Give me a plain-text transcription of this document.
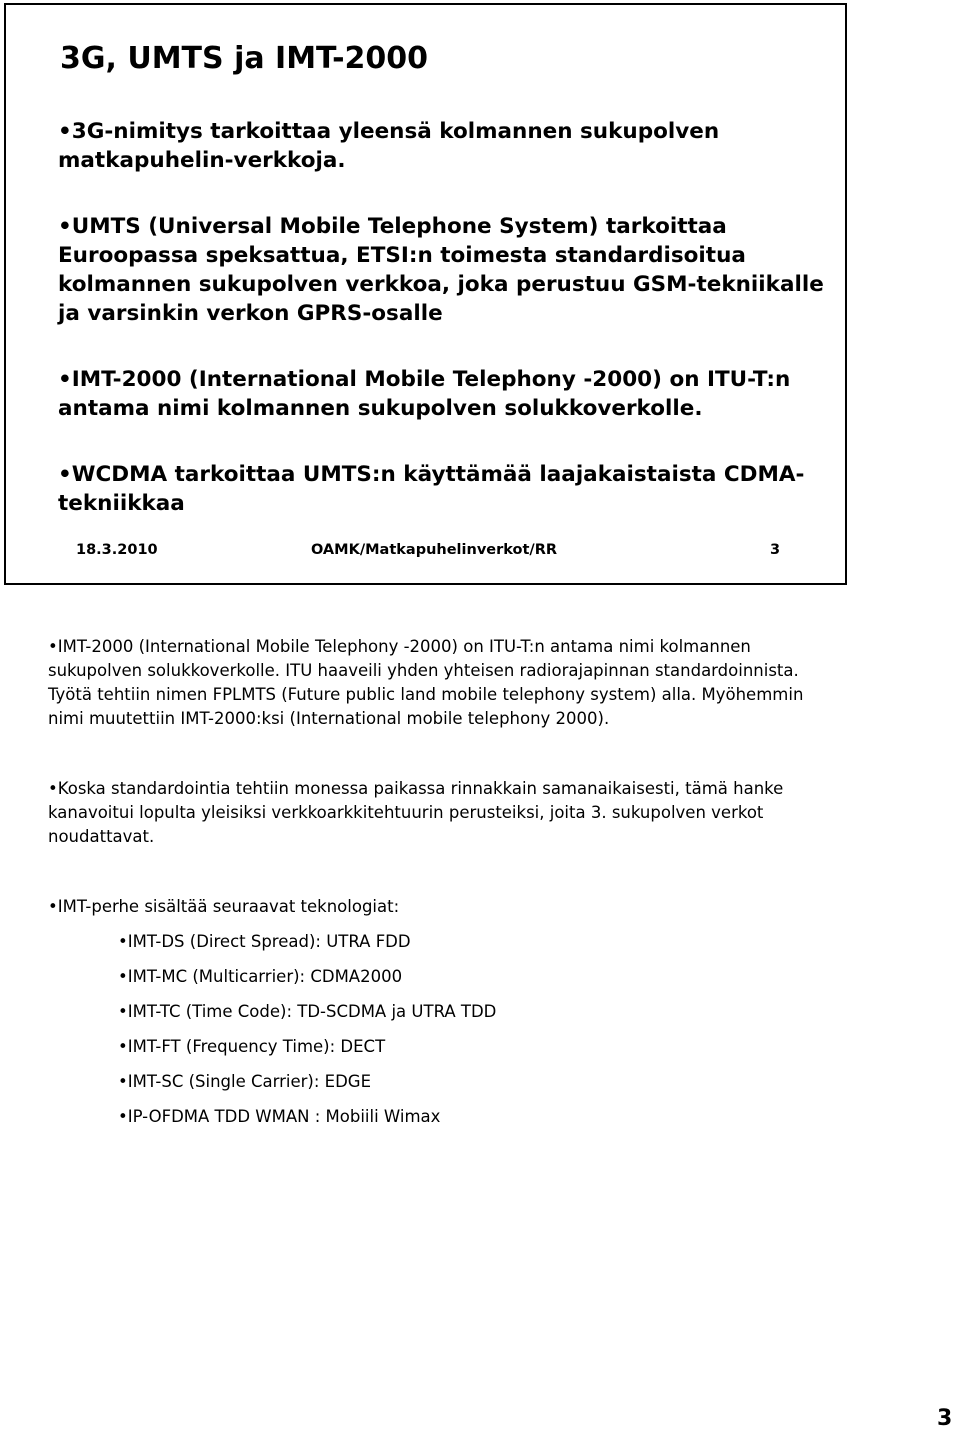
3G, UMTS ja IMT-2000
•3G-nimitys tarkoittaa yleensä kolmannen sukupolven matkapuhelin-verkkoja.
•UMTS (Universal Mobile Telephone System) tarkoittaa Euroopassa speksattua, ETSI:n toimesta standardisoitua kolmannen sukupolven verkkoa, joka perustuu GSM-tekniikalle ja varsinkin verkon GPRS-osalle
•IMT-2000 (International Mobile Telephony -2000) on ITU-T:n antama nimi kolmannen sukupolven solukkoverkolle.
•WCDMA tarkoittaa UMTS:n käyttämää laajakaistaista CDMA-tekniikkaa
18.3.2010	OAMK/Matkapuhelinverkot/RR	3

•IMT-2000 (International Mobile Telephony -2000) on ITU-T:n antama nimi kolmannen sukupolven solukkoverkolle. ITU haaveili yhden yhteisen radiorajapinnan standardoinnista. Työtä tehtiin nimen FPLMTS (Future public land mobile telephony system) alla. Myöhemmin nimi muutettiin IMT-2000:ksi (International mobile telephony 2000).

•Koska standardointia tehtiin monessa paikassa rinnakkain samanaikaisesti, tämä hanke kanavoitui lopulta yleisiksi verkkoarkkitehtuurin perusteiksi, joita 3. sukupolven verkot noudattavat.

•IMT-perhe sisältää seuraavat teknologiat:

•IMT-DS (Direct Spread): UTRA FDD
•IMT-MC (Multicarrier): CDMA2000
•IMT-TC (Time Code): TD-SCDMA ja UTRA TDD
•IMT-FT (Frequency Time): DECT
•IMT-SC (Single Carrier): EDGE
•IP-OFDMA TDD WMAN : Mobiili Wimax
3
